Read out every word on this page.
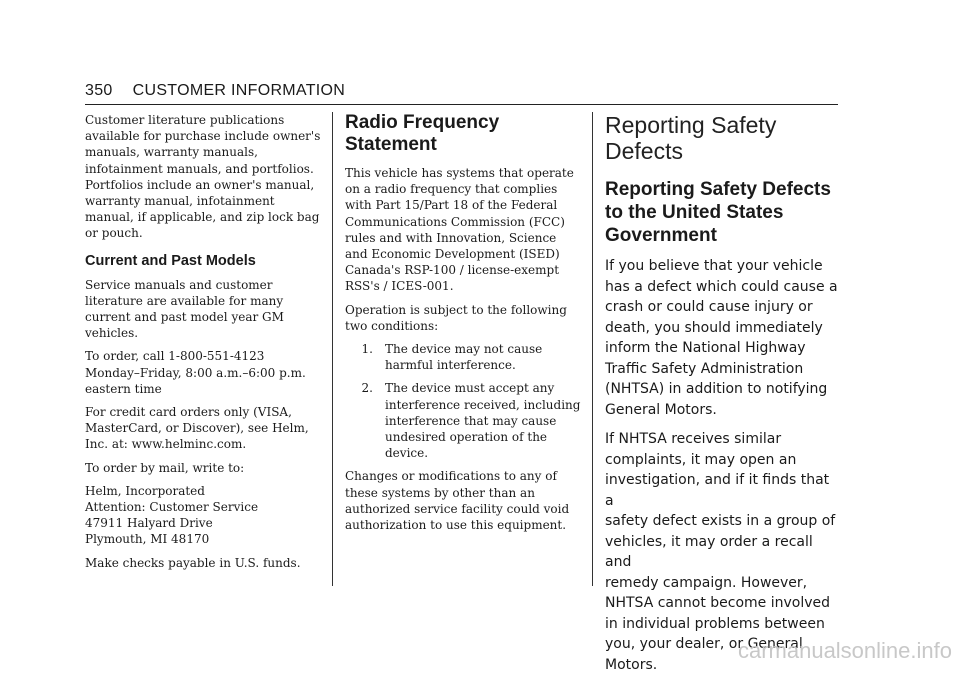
350 CUSTOMER INFORMATION

Customer literature publications
available for purchase include owner's
manuals, warranty manuals,
infotainment manuals, and portfolios.
Portfolios include an owner's manual,
warranty manual, infotainment
manual, if applicable, and zip lock bag
or pouch.

Current and Past Models

Service manuals and customer
literature are available for many
current and past model year GM
vehicles.

To order, call 1-800-551-4123
Monday–Friday, 8:00 a.m.–6:00 p.m.
eastern time

For credit card orders only (VISA,
MasterCard, or Discover), see Helm,
Inc. at: www.helminc.com.

To order by mail, write to:

Helm, Incorporated
Attention: Customer Service
47911 Halyard Drive
Plymouth, MI 48170

Make checks payable in U.S. funds.

Radio Frequency
Statement

This vehicle has systems that operate
on a radio frequency that complies
with Part 15/Part 18 of the Federal
Communications Commission (FCC)
rules and with Innovation, Science
and Economic Development (ISED)
Canada's RSP-100 / license-exempt
RSS's / ICES-001.

Operation is subject to the following
two conditions:

1.	The device may not cause
harmful interference.
2.	The device must accept any
interference received, including
interference that may cause
undesired operation of the
device.

Changes or modifications to any of
these systems by other than an
authorized service facility could void
authorization to use this equipment.

Reporting Safety
Defects
Reporting Safety Defects
to the United States
Government

If you believe that your vehicle
has a defect which could cause a
crash or could cause injury or
death, you should immediately
inform the National Highway
Traffic Safety Administration
(NHTSA) in addition to notifying
General Motors.

If NHTSA receives similar
complaints, it may open an
investigation, and if it finds that a
safety defect exists in a group of
vehicles, it may order a recall and
remedy campaign. However,
NHTSA cannot become involved
in individual problems between
you, your dealer, or General
Motors.

carmanualsonline.info
